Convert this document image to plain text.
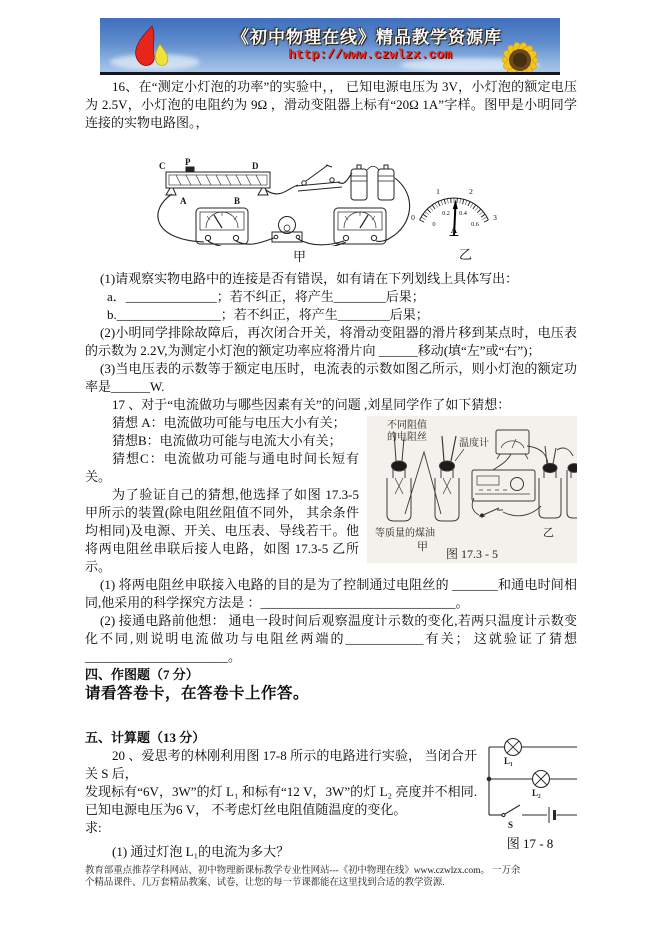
《初中物理在线》精品教学资源库
http://www.czwlzx.com

16、在“测定小灯泡的功率”的实验中，， 已知电源电压为 3V，小灯泡的额定电压为 2.5V，小灯泡的电阻约为 9Ω ，滑动变阻器上标有“20Ω 1A”字样。图甲是小明同学连接的实物电路图。，

C P	D
A	B
甲
0
1	2
3
0
0.2 0.4
0.6
A
乙

(1)请观察实物电路中的连接是否有错误，如有请在下列划线上具体写出：

a．______________；若不纠正，将产生________后果；

b.________________；若不纠正，将产生________后果；

(2)小明同学排除故障后，再次闭合开关，将滑动变阻器的滑片移到某点时，电压表的示数为 2.2V,为测定小灯泡的额定功率应将滑片向 ______移动(填“左”或“右”)；

(3)当电压表的示数等于额定电压时，电流表的示数如图乙所示，则小灯泡的额定功率是______W.

17 、对于“电流做功与哪些因素有关”的问题 ,刘星同学作了如下猜想：

不同阻值
的电阻丝
温度计
等质量的煤油
甲
乙
图 17.3 - 5

猜想 A：电流做功可能与电压大小有关；

猜想B：电流做功可能与电流大小有关；

猜想C：电流做功可能与通电时间长短有关。

为了验证自己的猜想,他选择了如图 17.3-5 甲所示的装置(除电阻丝阻值不同外， 其余条件均相同)及电源、开关、电压表、导线若干。他将两电阻丝串联后接人电路，如图 17.3-5 乙所示。

(1) 将两电阻丝申联接入电路的目的是为了控制通过电阻丝的 _______和通电时间相同,他采用的科学探究方法是 ：______________________________。

(2) 接通电路前他想： 通电一段时间后观察温度计示数的变化,若两只温度计示数变化不同,则说明电流做功与电阻丝两端的____________有关； 这就验证了猜想______________________。

四、作图题（7 分）

请看答卷卡，在答卷卡上作答。

L₁
L₂
S
图 17 - 8
五、计算题（13 分）

20 、爱思考的林刚利用图 17-8 所示的电路进行实验， 当闭合开关 S 后，

发现标有“6V，3W”的灯 L₁ 和标有“12 V，3W”的灯 L₂ 亮度并不相同.已知电源电压为6 V， 不考虑灯丝电阻值随温度的变化。

求:

(1) 通过灯泡 L₁的电流为多大？

教育部重点推荐学科网站、初中物理新课标教学专业性网站---《初中物理在线》www.czwlzx.com。 一万余
个精品课件、几万套精品教案、试卷，让您的每一节课都能在这里找到合适的教学资源.
